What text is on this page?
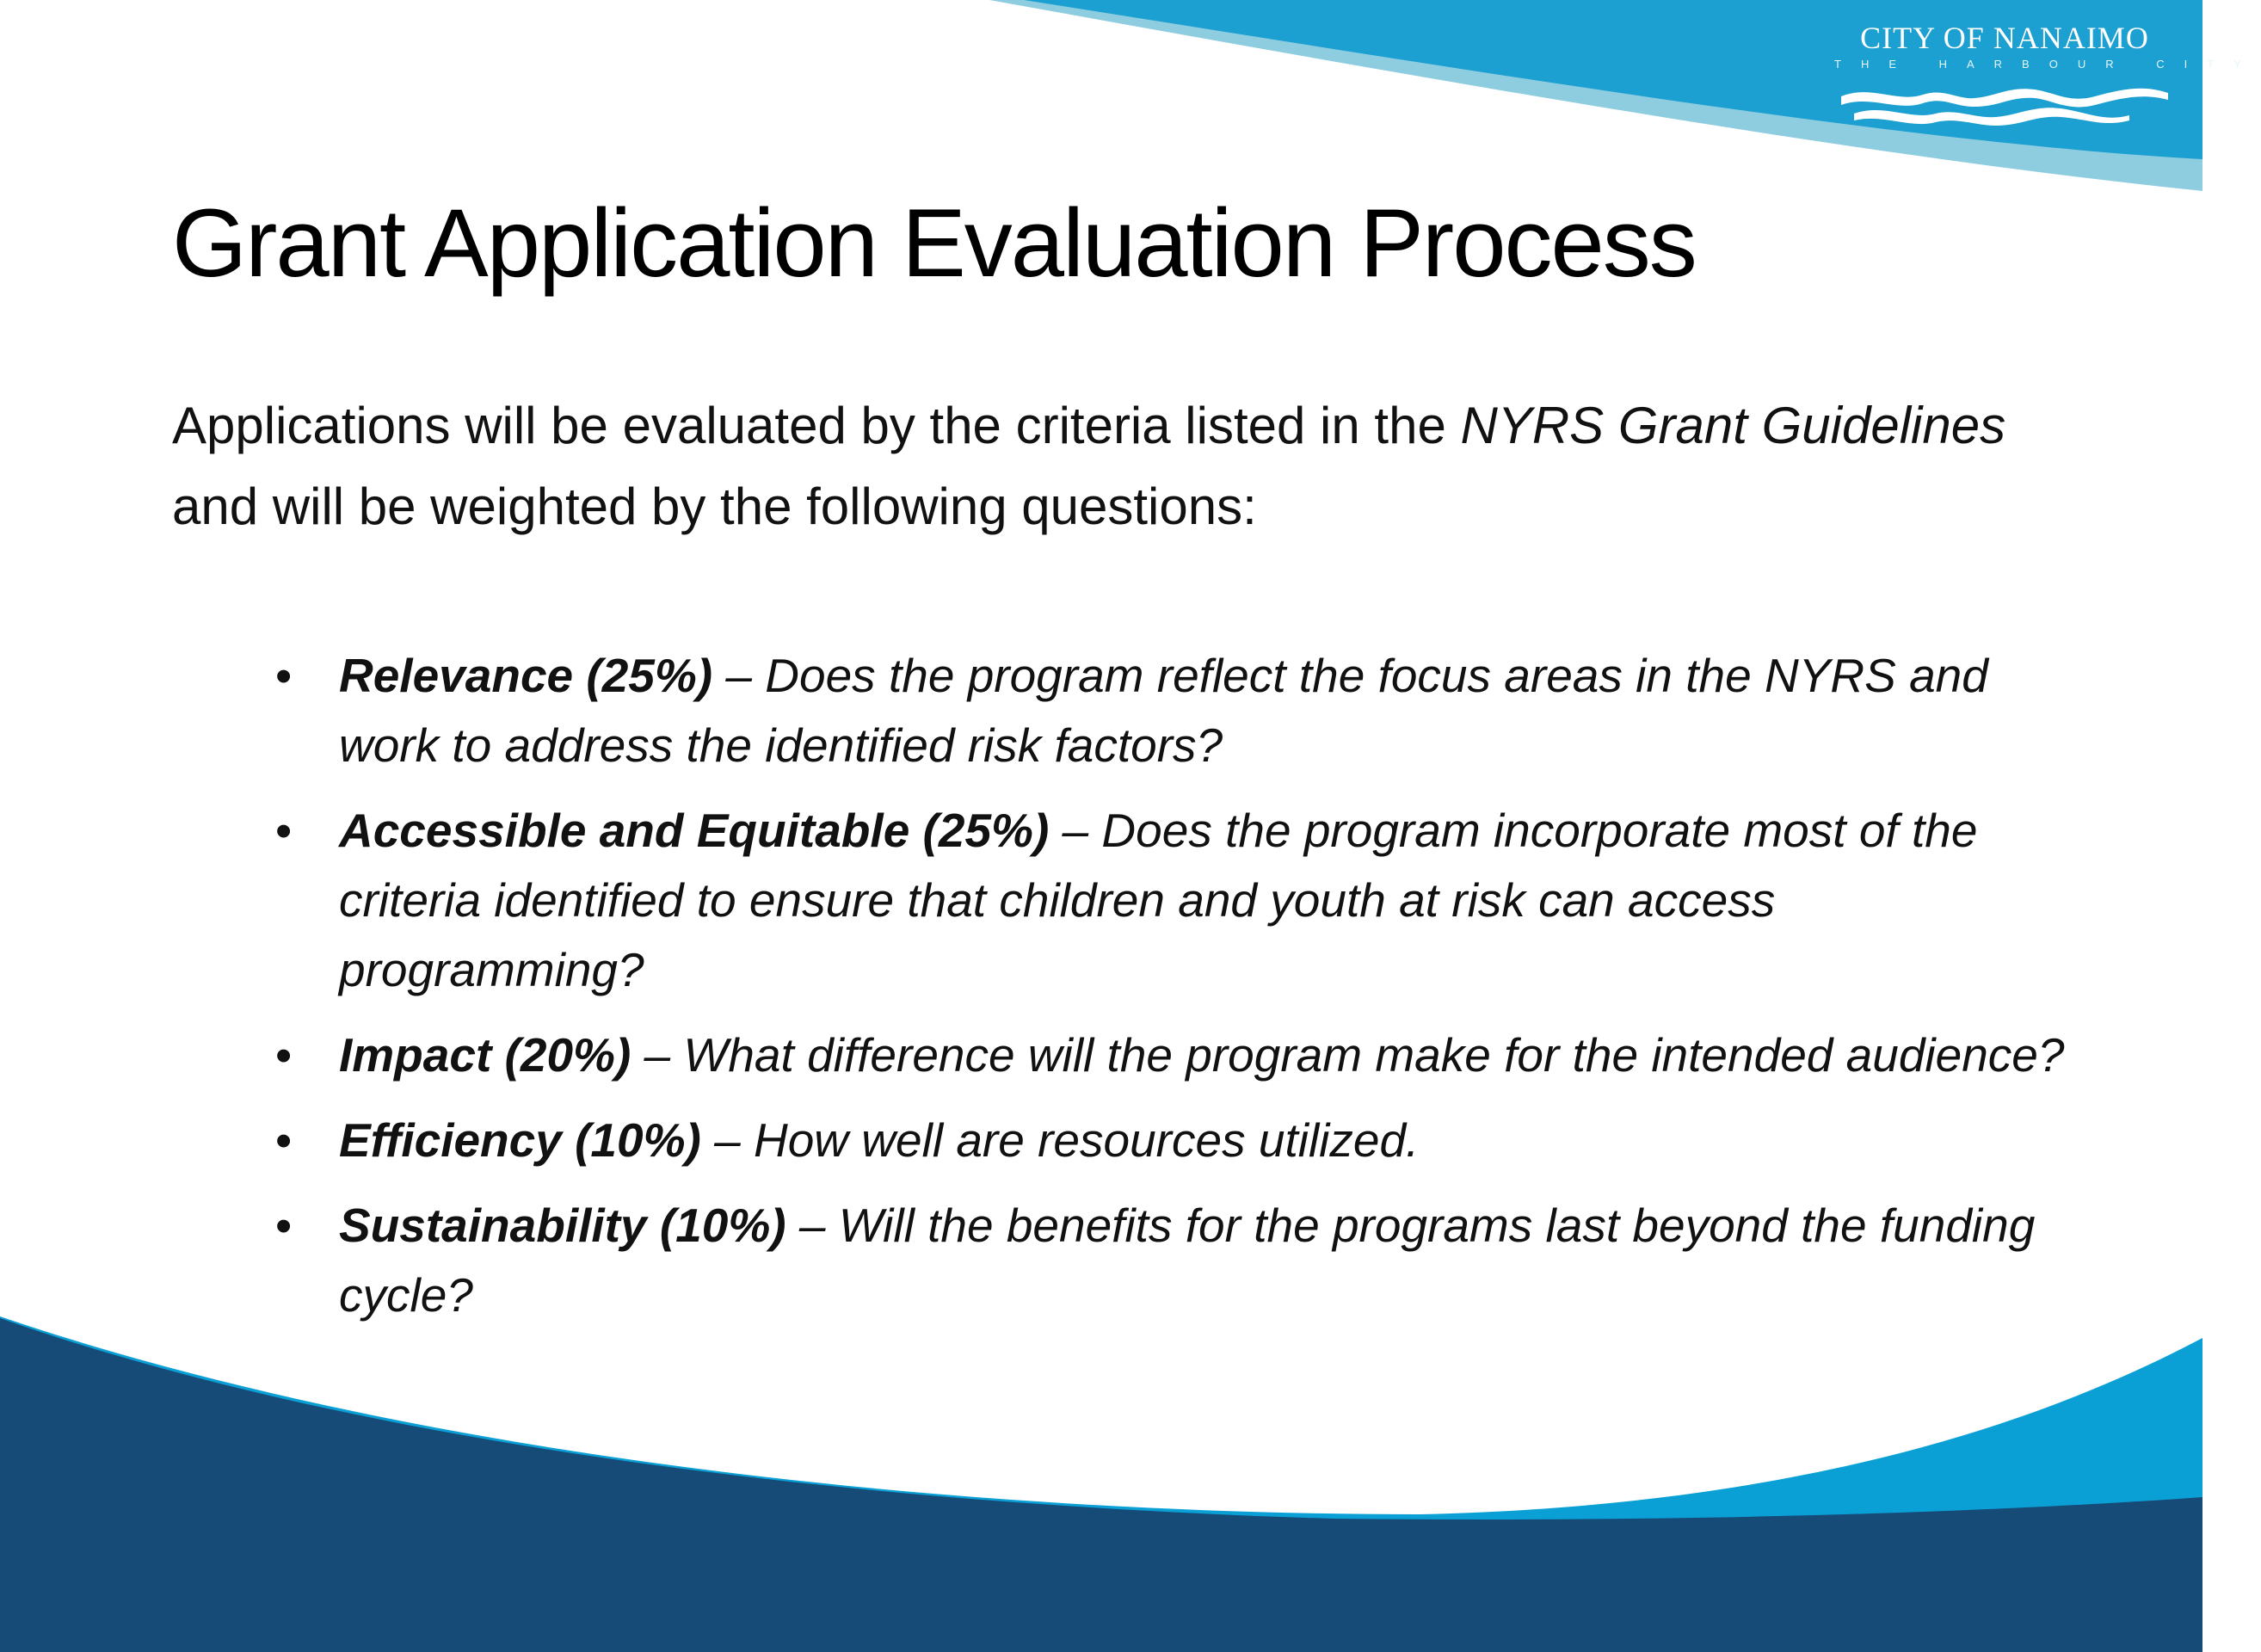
CITY OF NANAIMO
THE HARBOUR CITY
Grant Application Evaluation Process

Applications will be evaluated by the criteria listed in the NYRS Grant Guidelines and will be weighted by the following questions:

• Relevance (25%) – Does the program reflect the focus areas in the NYRS and work to address the identified risk factors?
• Accessible and Equitable (25%) – Does the program incorporate most of the criteria identified to ensure that children and youth at risk can access programming?
• Impact (20%) – What difference will the program make for the intended audience?
• Efficiency (10%) – How well are resources utilized.
• Sustainability (10%) – Will the benefits for the programs last beyond the funding cycle?
